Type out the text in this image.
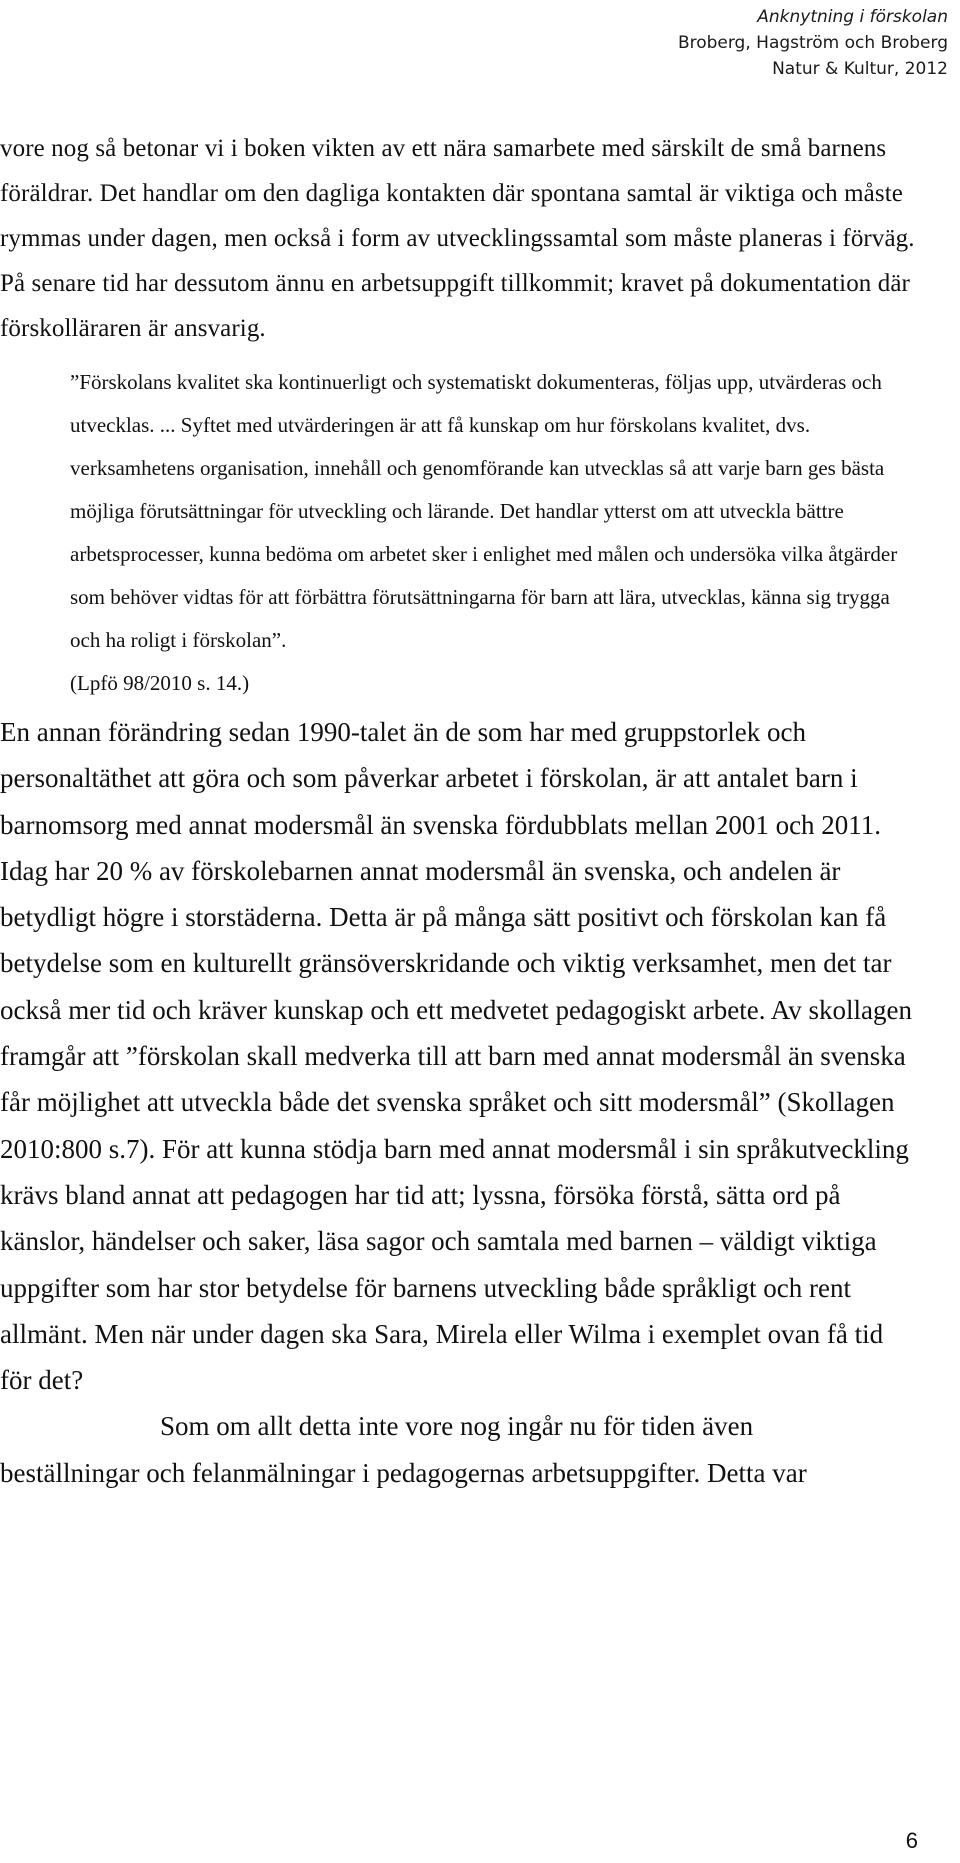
Anknytning i förskolan
Broberg, Hagström och Broberg
Natur & Kultur, 2012

vore nog så betonar vi i boken vikten av ett nära samarbete med särskilt de små barnens föräldrar. Det handlar om den dagliga kontakten där spontana samtal är viktiga och måste rymmas under dagen, men också i form av utvecklingssamtal som måste planeras i förväg. På senare tid har dessutom ännu en arbetsuppgift tillkommit; kravet på dokumentation där förskolläraren är ansvarig.

”Förskolans kvalitet ska kontinuerligt och systematiskt dokumenteras, följas upp, utvärderas och utvecklas. ... Syftet med utvärderingen är att få kunskap om hur förskolans kvalitet, dvs. verksamhetens organisation, innehåll och genomförande kan utvecklas så att varje barn ges bästa möjliga förutsättningar för utveckling och lärande. Det handlar ytterst om att utveckla bättre arbetsprocesser, kunna bedöma om arbetet sker i enlighet med målen och undersöka vilka åtgärder som behöver vidtas för att förbättra förutsättningarna för barn att lära, utvecklas, känna sig trygga och ha roligt i förskolan”.
(Lpfö 98/2010 s. 14.)

En annan förändring sedan 1990-talet än de som har med gruppstorlek och personaltäthet att göra och som påverkar arbetet i förskolan, är att antalet barn i barnomsorg med annat modersmål än svenska fördubblats mellan 2001 och 2011. Idag har 20 % av förskolebarnen annat modersmål än svenska, och andelen är betydligt högre i storstäderna. Detta är på många sätt positivt och förskolan kan få betydelse som en kulturellt gränsöverskridande och viktig verksamhet, men det tar också mer tid och kräver kunskap och ett medvetet pedagogiskt arbete. Av skollagen framgår att ”förskolan skall medverka till att barn med annat modersmål än svenska får möjlighet att utveckla både det svenska språket och sitt modersmål” (Skollagen 2010:800 s.7). För att kunna stödja barn med annat modersmål i sin språkutveckling krävs bland annat att pedagogen har tid att; lyssna, försöka förstå, sätta ord på känslor, händelser och saker, läsa sagor och samtala med barnen – väldigt viktiga uppgifter som har stor betydelse för barnens utveckling både språkligt och rent allmänt. Men när under dagen ska Sara, Mirela eller Wilma i exemplet ovan få tid för det?

Som om allt detta inte vore nog ingår nu för tiden även
beställningar och felanmälningar i pedagogernas arbetsuppgifter. Detta var
6
